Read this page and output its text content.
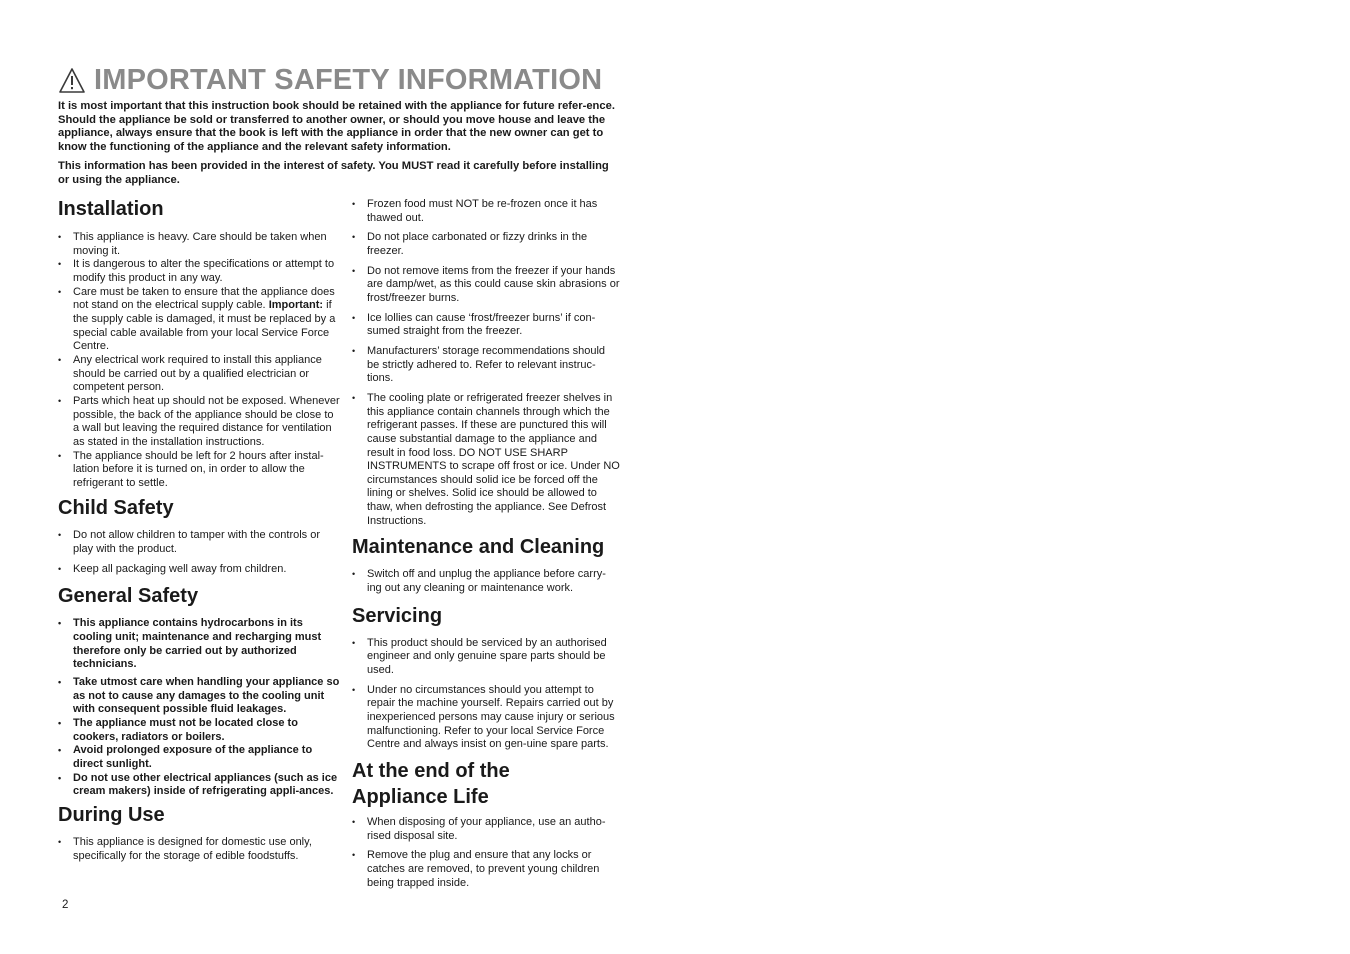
IMPORTANT SAFETY INFORMATION

It is most important that this instruction book should be retained with the appliance for future refer-ence. Should the appliance be sold or transferred to another owner, or should you move house and leave the appliance, always ensure that the book is left with the appliance in order that the new owner can get to know the functioning of the appliance and the relevant safety information.

This information has been provided in the interest of safety. You MUST read it carefully before installing or using the appliance.

Installation
• This appliance is heavy. Care should be taken when moving it.
• It is dangerous to alter the specifications or attempt to modify this product in any way.
• Care must be taken to ensure that the appliance does not stand on the electrical supply cable. Important: if the supply cable is damaged, it must be replaced by a special cable available from your local Service Force Centre.
• Any electrical work required to install this appliance should be carried out by a qualified electrician or competent person.
• Parts which heat up should not be exposed. Whenever possible, the back of the appliance should be close to a wall but leaving the required distance for ventilation as stated in the installation instructions.
• The appliance should be left for 2 hours after instal-lation before it is turned on, in order to allow the refrigerant to settle.
Child Safety
• Do not allow children to tamper with the controls or play with the product.
• Keep all packaging well away from children.
General Safety
• This appliance contains hydrocarbons in its cooling unit; maintenance and recharging must therefore only be carried out by authorized technicians.
• Take utmost care when handling your appliance so as not to cause any damages to the cooling unit with consequent possible fluid leakages.
• The appliance must not be located close to cookers, radiators or boilers.
• Avoid prolonged exposure of the appliance to direct sunlight.
• Do not use other electrical appliances (such as ice cream makers) inside of refrigerating appli-ances.
During Use
• This appliance is designed for domestic use only, specifically for the storage of edible foodstuffs.
• Frozen food must NOT be re-frozen once it has thawed out.
• Do not place carbonated or fizzy drinks in the freezer.
• Do not remove items from the freezer if your hands are damp/wet, as this could cause skin abrasions or frost/freezer burns.
• Ice lollies can cause ‘frost/freezer burns’ if con-sumed straight from the freezer.
• Manufacturers’ storage recommendations should be strictly adhered to. Refer to relevant instruc-tions.
• The cooling plate or refrigerated freezer shelves in this appliance contain channels through which the refrigerant passes. If these are punctured this will cause substantial damage to the appliance and result in food loss. DO NOT USE SHARP INSTRUMENTS to scrape off frost or ice. Under NO circumstances should solid ice be forced off the lining or shelves. Solid ice should be allowed to thaw, when defrosting the appliance. See Defrost Instructions.
Maintenance and Cleaning
• Switch off and unplug the appliance before carry-ing out any cleaning or maintenance work.
Servicing
• This product should be serviced by an authorised engineer and only genuine spare parts should be used.
• Under no circumstances should you attempt to repair the machine yourself. Repairs carried out by inexperienced persons may cause injury or serious malfunctioning. Refer to your local Service Force Centre and always insist on gen-uine spare parts.
At the end of the
Appliance Life
• When disposing of your appliance, use an autho-rised disposal site.
• Remove the plug and ensure that any locks or catches are removed, to prevent young children being trapped inside.
2
